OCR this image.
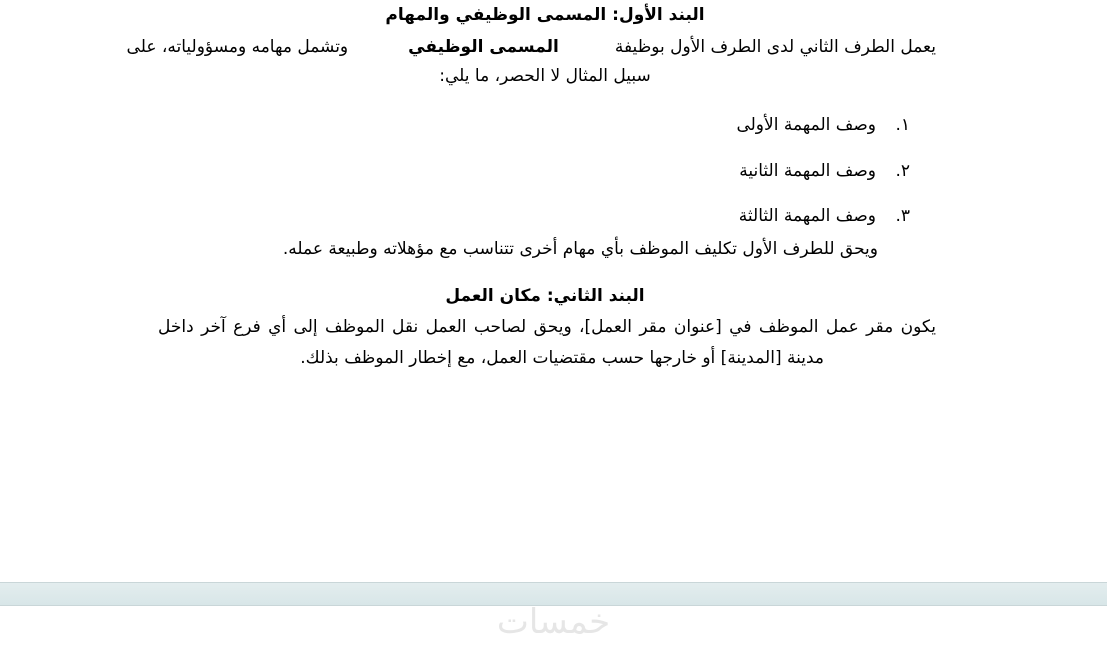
البند الأول: المسمى الوظيفي والمهام
يعمل الطرف الثاني لدى الطرف الأول بوظيفةالمسمى الوظيفيوتشمل مهامه ومسؤولياته، على
سبيل المثال لا الحصر، ما يلي:
١.وصف المهمة الأولى
٢.وصف المهمة الثانية
٣.وصف المهمة الثالثة
ويحق للطرف الأول تكليف الموظف بأي مهام أخرى تتناسب مع مؤهلاته وطبيعة عمله.
البند الثاني: مكان العمل
يكون مقر عمل الموظف في [عنوان مقر العمل]، ويحق لصاحب العمل نقل الموظف إلى أي فرع آخر داخل
مدينة [المدينة] أو خارجها حسب مقتضيات العمل، مع إخطار الموظف بذلك.
خمسات
